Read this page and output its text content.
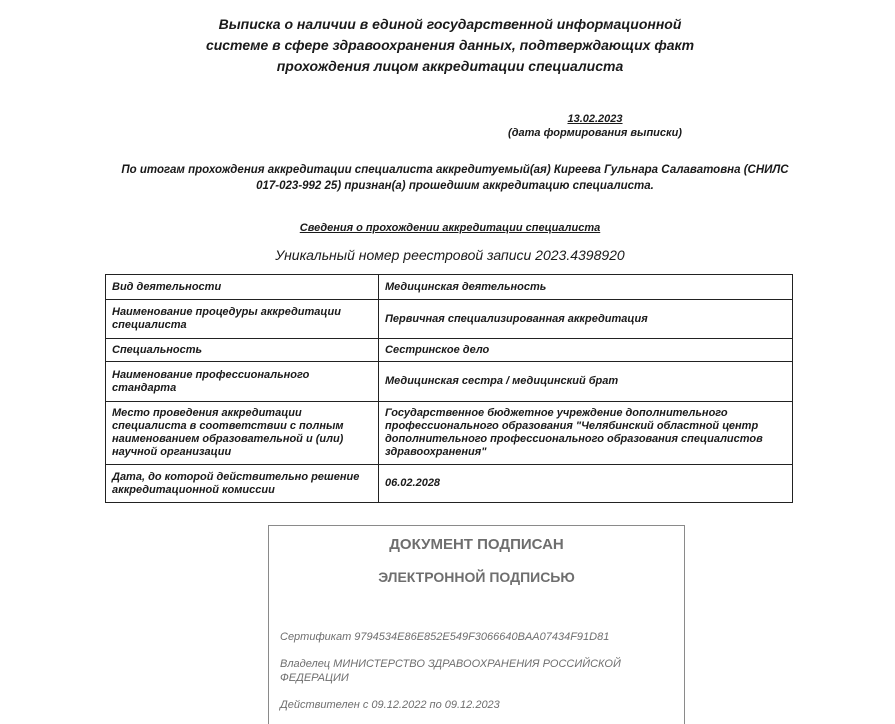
Выписка о наличии в единой государственной информационной
системе в сфере здравоохранения данных, подтверждающих факт
прохождения лицом аккредитации специалиста
13.02.2023
(дата формирования выписки)
По итогам прохождения аккредитации специалиста аккредитуемый(ая) Киреева Гульнара Салаватовна (СНИЛС
017-023-992 25) признан(а) прошедшим аккредитацию специалиста.
Сведения о прохождении аккредитации специалиста
Уникальный номер реестровой записи 2023.4398920
Вид деятельности	Медицинская деятельность
Наименование процедуры аккредитации специалиста	Первичная специализированная аккредитация
Специальность	Сестринское дело
Наименование профессионального стандарта	Медицинская сестра / медицинский брат
Место проведения аккредитации специалиста в соответствии с полным наименованием образовательной и (или) научной организации	Государственное бюджетное учреждение дополнительного профессионального образования "Челябинский областной центр дополнительного профессионального образования специалистов здравоохранения"
Дата, до которой действительно решение аккредитационной комиссии	06.02.2028
ДОКУМЕНТ ПОДПИСАН
ЭЛЕКТРОННОЙ ПОДПИСЬЮ
Сертификат 9794534E86E852E549F3066640BAA07434F91D81
Владелец МИНИСТЕРСТВО ЗДРАВООХРАНЕНИЯ РОССИЙСКОЙ ФЕДЕРАЦИИ
Действителен с 09.12.2022 по 09.12.2023
